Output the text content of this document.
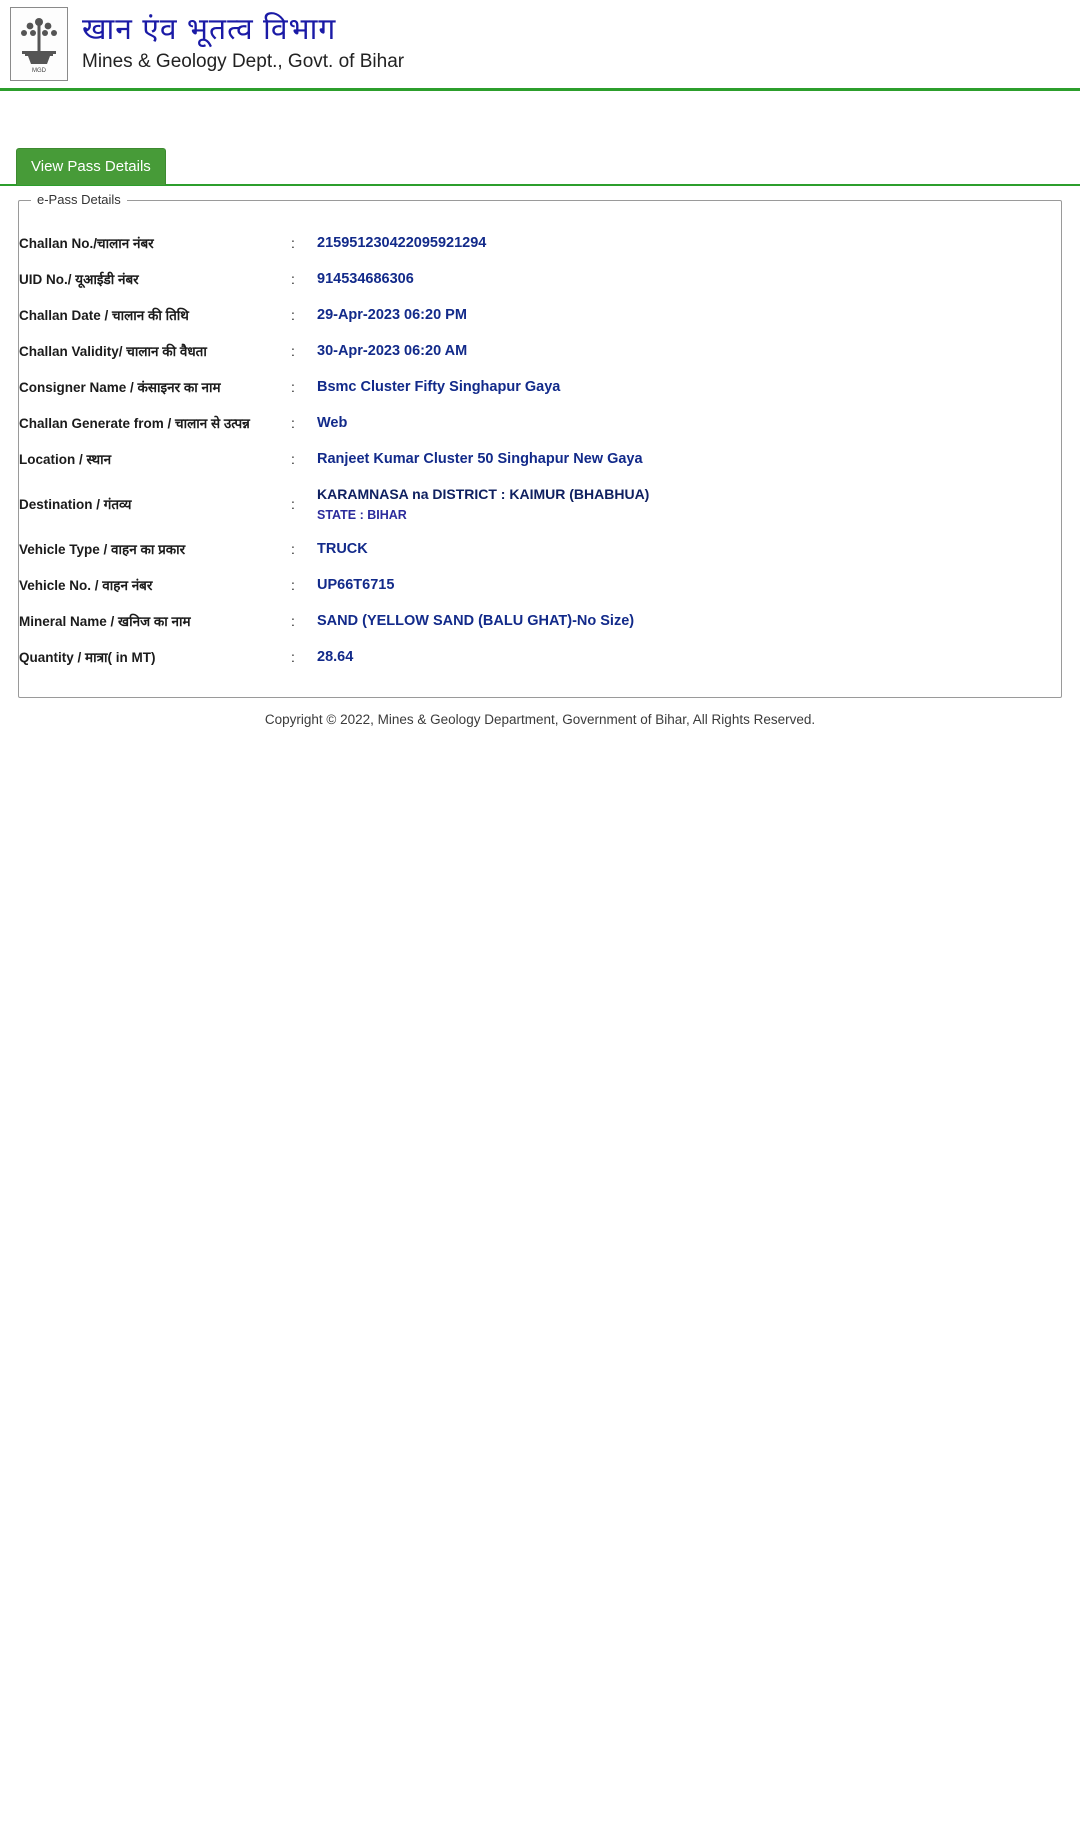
MGD
खान एंव भूतत्व विभाग
Mines & Geology Dept., Govt. of Bihar
View Pass Details
e-Pass Details
Challan No./चालान नंबर	:	215951230422095921294
UID No./ यूआईडी नंबर	:	914534686306
Challan Date / चालान की तिथि	:	29-Apr-2023 06:20 PM
Challan Validity/ चालान की वैधता	:	30-Apr-2023 06:20 AM
Consigner Name / कंसाइनर का नाम	:	Bsmc Cluster Fifty Singhapur Gaya
Challan Generate from / चालान से उत्पन्न	:	Web
Location / स्थान	:	Ranjeet Kumar Cluster 50 Singhapur New Gaya
Destination / गंतव्य	:	KARAMNASA na DISTRICT : KAIMUR (BHABHUA)
STATE : BIHAR

Vehicle Type / वाहन का प्रकार	:	TRUCK
Vehicle No. / वाहन नंबर	:	UP66T6715
Mineral Name / खनिज का नाम	:	SAND (YELLOW SAND (BALU GHAT)-No Size)
Quantity / मात्रा( in MT)	:	28.64
Copyright © 2022, Mines & Geology Department, Government of Bihar, All Rights Reserved.
